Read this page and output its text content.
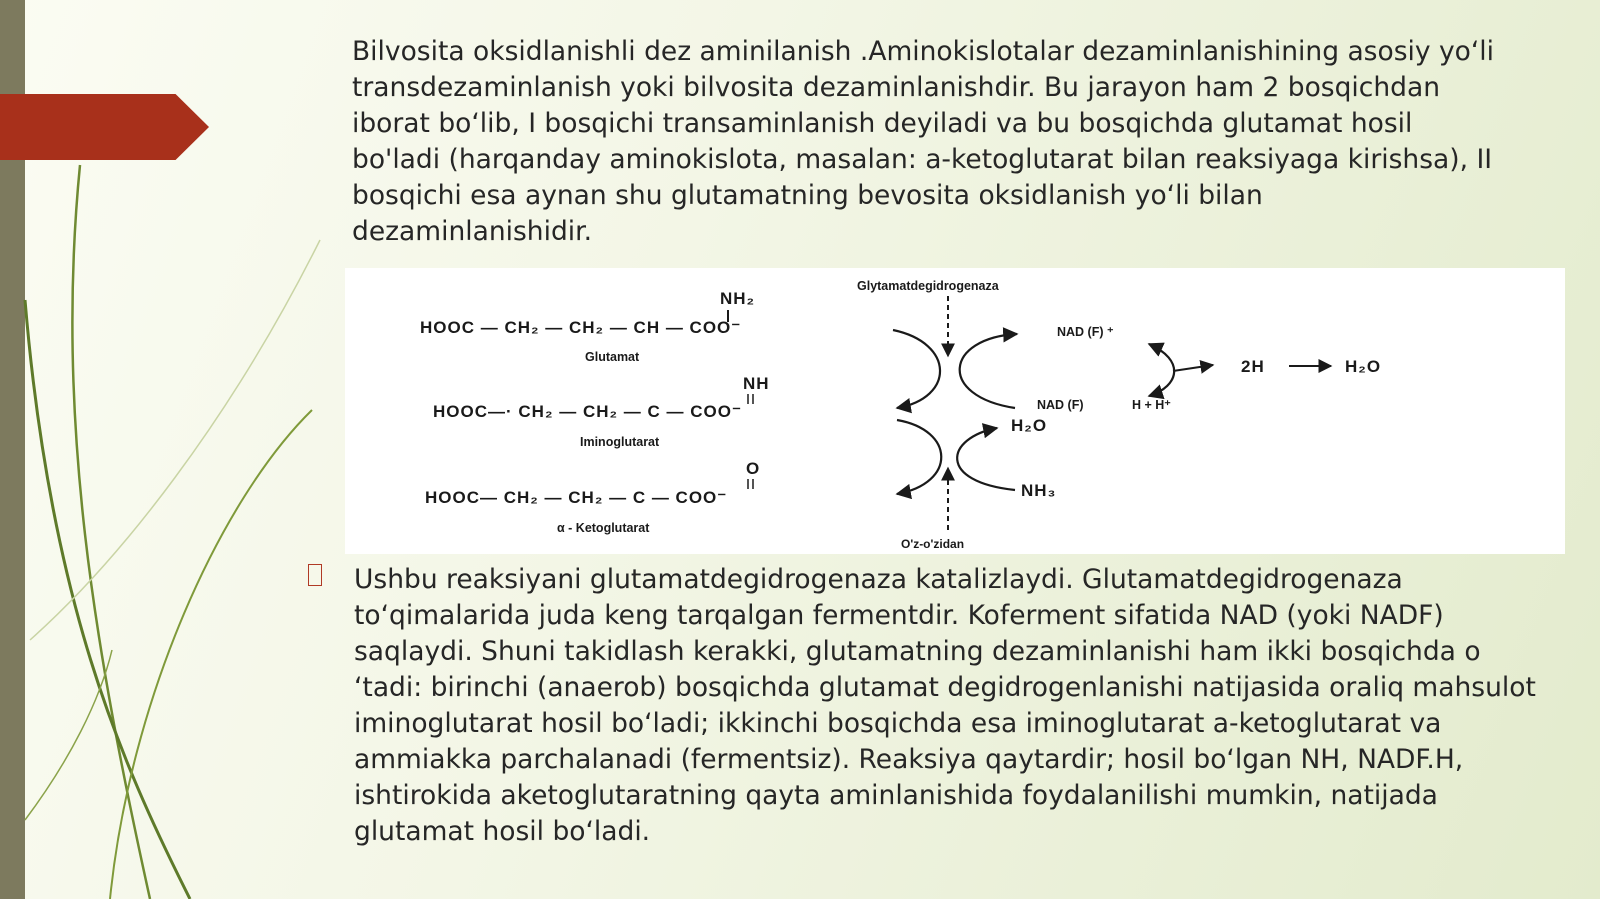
Bilvosita oksidlanishli dez aminilanish .Aminokislotalar dezaminlanishining asosiy yo‘li transdezaminlanish yoki bilvosita dezaminlanishdir. Bu jarayon ham 2 bosqichdan iborat bo‘lib, I bosqichi transaminlanish deyiladi va bu bosqichda glutamat hosil bo'ladi (harqanday aminokislota, masalan: a-ketoglutarat bilan reaksiyaga kirishsa), II bosqichi esa aynan shu glutamatning bevosita oksidlanish yo‘li bilan dezaminlanishidir.

Glytamatdegidrogenaza
NH₂
HOOC — CH₂ — CH₂ — CH — COO⁻
Glutamat
NH
HOOC—· CH₂ — CH₂ — C — COO⁻
Iminoglutarat
O
HOOC— CH₂ — CH₂ — C — COO⁻
α - Ketoglutarat
O'z-o'zidan
NAD (F) ⁺
NAD (F)	H + H⁺
2H	H₂O
H₂O
NH₃

Ushbu reaksiyani glutamatdegidrogenaza katalizlaydi. Glutamatdegidrogenaza to‘qimalarida juda keng tarqalgan fermentdir. Koferment sifatida NAD (yoki NADF) saqlaydi. Shuni takidlash kerakki, glutamatning dezaminlanishi ham ikki bosqichda o ‘tadi: birinchi (anaerob) bosqichda glutamat degidrogenlanishi natijasida oraliq mahsulot iminoglutarat hosil bo‘ladi; ikkinchi bosqichda esa iminoglutarat a-ketoglutarat va ammiakka parchalanadi (fermentsiz). Reaksiya qaytardir; hosil bo‘lgan NH, NADF.H, ishtirokida aketoglutaratning qayta aminlanishida foydalanilishi mumkin, natijada glutamat hosil bo‘ladi.
